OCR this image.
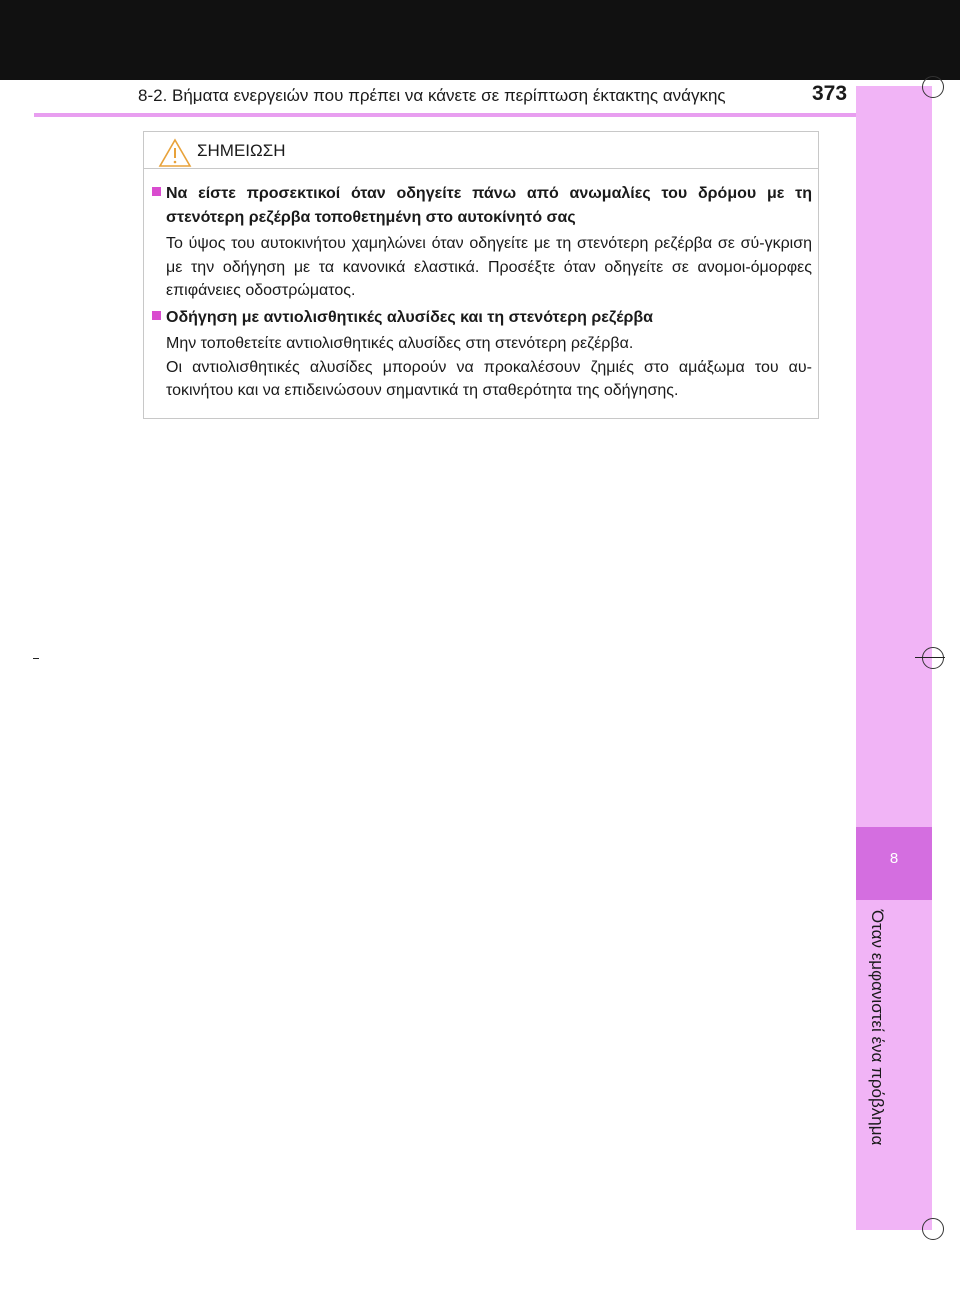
8-2. Βήματα ενεργειών που πρέπει να κάνετε σε περίπτωση έκτακτης ανάγκης	373
8
Όταν εμφανιστεί ένα πρόβλημα
ΣΗΜΕΙΩΣΗ
Να είστε προσεκτικοί όταν οδηγείτε πάνω από ανωμαλίες του δρόμου με τη στενότερη ρεζέρβα τοποθετημένη στο αυτοκίνητό σας

Το ύψος του αυτοκινήτου χαμηλώνει όταν οδηγείτε με τη στενότερη ρεζέρβα σε σύ-γκριση με την οδήγηση με τα κανονικά ελαστικά. Προσέξτε όταν οδηγείτε σε ανομοι-όμορφες επιφάνειες οδοστρώματος.

Οδήγηση με αντιολισθητικές αλυσίδες και τη στενότερη ρεζέρβα

Μην τοποθετείτε αντιολισθητικές αλυσίδες στη στενότερη ρεζέρβα.

Οι αντιολισθητικές αλυσίδες μπορούν να προκαλέσουν ζημιές στο αμάξωμα του αυ-τοκινήτου και να επιδεινώσουν σημαντικά τη σταθερότητα της οδήγησης.
